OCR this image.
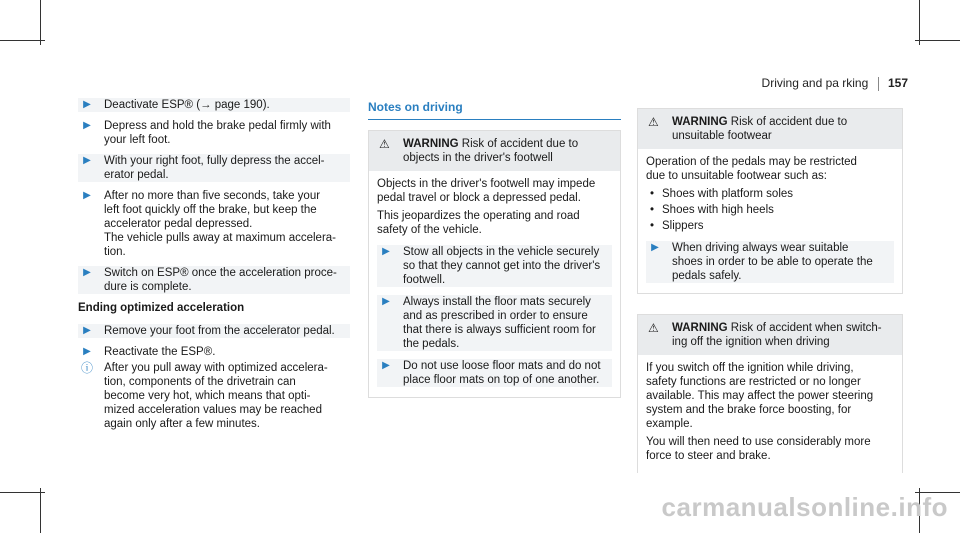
Driving and pa rking 157
▶	Deactivate ESP® (→ page 190).
▶	Depress and hold the brake pedal firmly with
your left foot.
▶	With your right foot, fully depress the accel-
erator pedal.
▶	After no more than five seconds, take your
left foot quickly off the brake, but keep the
accelerator pedal depressed.
The vehicle pulls away at maximum accelera-
tion.
▶	Switch on ESP® once the acceleration proce-
dure is complete.
Ending optimized acceleration
▶	Remove your foot from the accelerator pedal.
▶	Reactivate the ESP®.
ⓘ After you pull away with optimized accelera-
tion, components of the drivetrain can
become very hot, which means that opti-
mized acceleration values may be reached
again only after a few minutes.
Notes on driving
⚠ WARNING Risk of accident due to
objects in the driver's footwell
Objects in the driver's footwell may impede
pedal travel or block a depressed pedal.
This jeopardizes the operating and road
safety of the vehicle.
▶	Stow all objects in the vehicle securely
so that they cannot get into the driver's
footwell.
▶	Always install the floor mats securely
and as prescribed in order to ensure
that there is always sufficient room for
the pedals.
▶	Do not use loose floor mats and do not
place floor mats on top of one another.
⚠ WARNING Risk of accident due to
unsuitable footwear
Operation of the pedals may be restricted
due to unsuitable footwear such as:
• Shoes with platform soles
• Shoes with high heels
• Slippers
▶	When driving always wear suitable
shoes in order to be able to operate the
pedals safely.
⚠ WARNING Risk of accident when switch-
ing off the ignition when driving
If you switch off the ignition while driving,
safety functions are restricted or no longer
available. This may affect the power steering
system and the brake force boosting, for
example.
You will then need to use considerably more
force to steer and brake.
carmanualsonline.info
